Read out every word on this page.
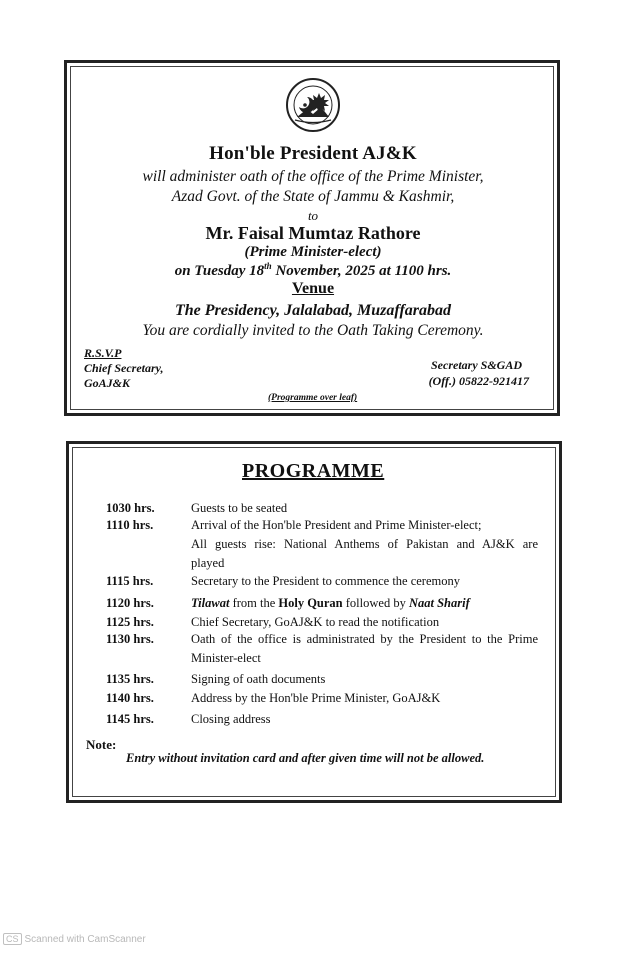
Hon'ble President AJ&K
will administer oath of the office of the Prime Minister,
Azad Govt. of the State of Jammu & Kashmir,
to
Mr. Faisal Mumtaz Rathore
(Prime Minister-elect)
on Tuesday 18th November, 2025 at 1100 hrs.
Venue
The Presidency, Jalalabad, Muzaffarabad
You are cordially invited to the Oath Taking Ceremony.
R.S.V.P
Chief Secretary,
GoAJ&K
Secretary S&GAD
(Off.) 05822-921417
(Programme over leaf)
PROGRAMME
1030 hrs.	Guests to be seated
1110 hrs.	Arrival of the Hon'ble President and Prime Minister-elect;
All guests rise: National Anthems of Pakistan and AJ&K are
played
1115 hrs.	Secretary to the President to commence the ceremony
1120 hrs.	Tilawat from the Holy Quran followed by Naat Sharif
1125 hrs.	Chief Secretary, GoAJ&K to read the notification
1130 hrs.	Oath of the office is administrated by the President to the Prime
Minister-elect
1135 hrs.	Signing of oath documents
1140 hrs.	Address by the Hon'ble Prime Minister, GoAJ&K
1145 hrs.	Closing address
Note:
Entry without invitation card and after given time will not be allowed.
CS Scanned with CamScanner
